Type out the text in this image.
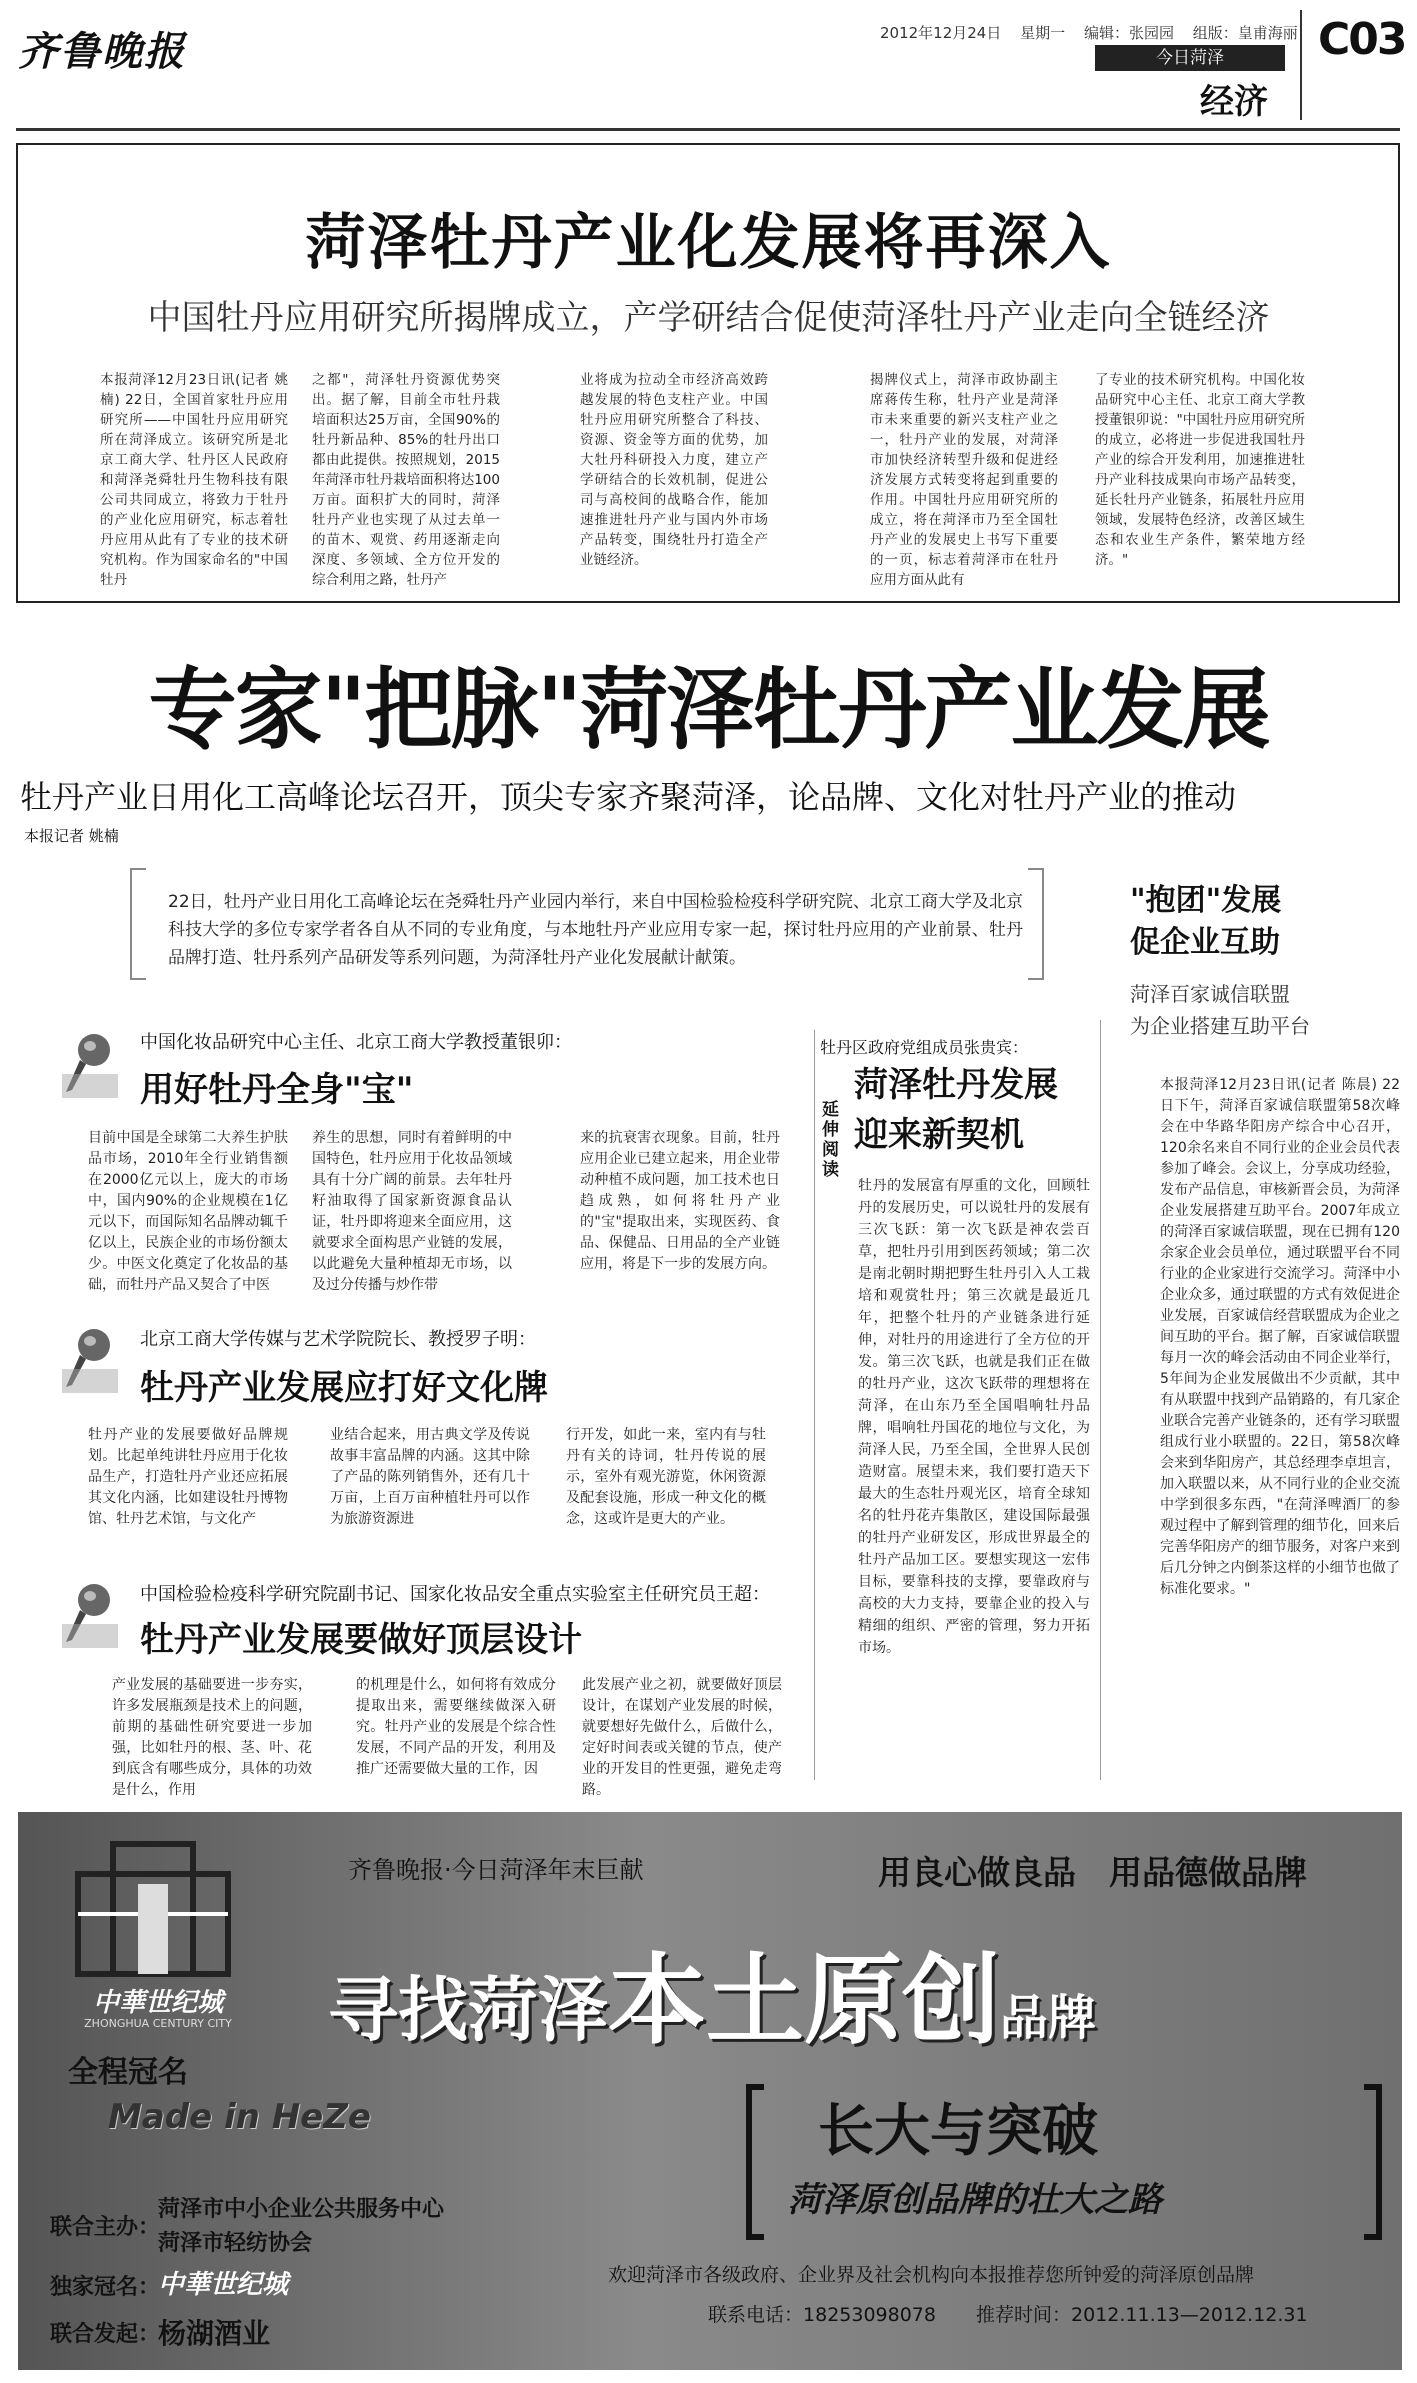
齐鲁晚报	2012年12月24日 星期一 编辑：张园园 组版：皇甫海丽
今日菏泽
经济
C03
菏泽牡丹产业化发展将再深入
中国牡丹应用研究所揭牌成立，产学研结合促使菏泽牡丹产业走向全链经济
本报菏泽12月23日讯(记者 姚楠) 22日，全国首家牡丹应用研究所——中国牡丹应用研究所在菏泽成立。该研究所是北京工商大学、牡丹区人民政府和菏泽尧舜牡丹生物科技有限公司共同成立，将致力于牡丹的产业化应用研究，标志着牡丹应用从此有了专业的技术研究机构。作为国家命名的"中国牡丹
之都"，菏泽牡丹资源优势突出。据了解，目前全市牡丹栽培面积达25万亩，全国90%的牡丹新品种、85%的牡丹出口都由此提供。按照规划，2015年菏泽市牡丹栽培面积将达100万亩。面积扩大的同时，菏泽牡丹产业也实现了从过去单一的苗木、观赏、药用逐渐走向深度、多领域、全方位开发的综合利用之路，牡丹产
业将成为拉动全市经济高效跨越发展的特色支柱产业。中国牡丹应用研究所整合了科技、资源、资金等方面的优势，加大牡丹科研投入力度，建立产学研结合的长效机制，促进公司与高校间的战略合作，能加速推进牡丹产业与国内外市场产品转变，围绕牡丹打造全产业链经济。
揭牌仪式上，菏泽市政协副主席蒋传生称，牡丹产业是菏泽市未来重要的新兴支柱产业之一，牡丹产业的发展，对菏泽市加快经济转型升级和促进经济发展方式转变将起到重要的作用。中国牡丹应用研究所的成立，将在菏泽市乃至全国牡丹产业的发展史上书写下重要的一页，标志着菏泽市在牡丹应用方面从此有
了专业的技术研究机构。中国化妆品研究中心主任、北京工商大学教授董银卯说："中国牡丹应用研究所的成立，必将进一步促进我国牡丹产业的综合开发利用，加速推进牡丹产业科技成果向市场产品转变，延长牡丹产业链条，拓展牡丹应用领域，发展特色经济，改善区域生态和农业生产条件，繁荣地方经济。"
专家"把脉"菏泽牡丹产业发展
牡丹产业日用化工高峰论坛召开，顶尖专家齐聚菏泽，论品牌、文化对牡丹产业的推动
本报记者 姚楠
22日，牡丹产业日用化工高峰论坛在尧舜牡丹产业园内举行，来自中国检验检疫科学研究院、北京工商大学及北京科技大学的多位专家学者各自从不同的专业角度，与本地牡丹产业应用专家一起，探讨牡丹应用的产业前景、牡丹品牌打造、牡丹系列产品研发等系列问题，为菏泽牡丹产业化发展献计献策。
中国化妆品研究中心主任、北京工商大学教授董银卯：
用好牡丹全身"宝"
目前中国是全球第二大养生护肤品市场，2010年全行业销售额在2000亿元以上，庞大的市场中，国内90%的企业规模在1亿元以下，而国际知名品牌动辄千亿以上，民族企业的市场份额太少。中医文化奠定了化妆品的基础，而牡丹产品又契合了中医
养生的思想，同时有着鲜明的中国特色，牡丹应用于化妆品领域具有十分广阔的前景。去年牡丹籽油取得了国家新资源食品认证，牡丹即将迎来全面应用，这就要求全面构思产业链的发展，以此避免大量种植却无市场，以及过分传播与炒作带
来的抗衰害衣现象。目前，牡丹应用企业已建立起来，用企业带动种植不成问题，加工技术也日趋成熟，如何将牡丹产业的"宝"提取出来，实现医药、食品、保健品、日用品的全产业链应用，将是下一步的发展方向。
北京工商大学传媒与艺术学院院长、教授罗子明：
牡丹产业发展应打好文化牌
牡丹产业的发展要做好品牌规划。比起单纯讲牡丹应用于化妆品生产，打造牡丹产业还应拓展其文化内涵，比如建设牡丹博物馆、牡丹艺术馆，与文化产
业结合起来，用古典文学及传说故事丰富品牌的内涵。这其中除了产品的陈列销售外，还有几十万亩，上百万亩种植牡丹可以作为旅游资源进
行开发，如此一来，室内有与牡丹有关的诗词，牡丹传说的展示，室外有观光游览，休闲资源及配套设施，形成一种文化的概念，这或许是更大的产业。
中国检验检疫科学研究院副书记、国家化妆品安全重点实验室主任研究员王超：
牡丹产业发展要做好顶层设计
产业发展的基础要进一步夯实，许多发展瓶颈是技术上的问题，前期的基础性研究要进一步加强，比如牡丹的根、茎、叶、花到底含有哪些成分，具体的功效是什么，作用
的机理是什么，如何将有效成分提取出来，需要继续做深入研究。牡丹产业的发展是个综合性发展，不同产品的开发，利用及推广还需要做大量的工作，因
此发展产业之初，就要做好顶层设计，在谋划产业发展的时候，就要想好先做什么，后做什么，定好时间表或关键的节点，使产业的开发目的性更强，避免走弯路。
牡丹区政府党组成员张贵宾：
延伸阅读
菏泽牡丹发展迎来新契机
牡丹的发展富有厚重的文化，回顾牡丹的发展历史，可以说牡丹的发展有三次飞跃：第一次飞跃是神农尝百草，把牡丹引用到医药领域；第二次是南北朝时期把野生牡丹引入人工栽培和观赏牡丹；第三次就是最近几年，把整个牡丹的产业链条进行延伸，对牡丹的用途进行了全方位的开发。第三次飞跃，也就是我们正在做的牡丹产业，这次飞跃带的理想将在菏泽，在山东乃至全国唱响牡丹品牌，唱响牡丹国花的地位与文化，为菏泽人民，乃至全国，全世界人民创造财富。展望未来，我们要打造天下最大的生态牡丹观光区，培育全球知名的牡丹花卉集散区，建设国际最强的牡丹产业研发区，形成世界最全的牡丹产品加工区。要想实现这一宏伟目标，要靠科技的支撑，要靠政府与高校的大力支持，要靠企业的投入与精细的组织、严密的管理，努力开拓市场。
"抱团"发展
促企业互助
菏泽百家诚信联盟
为企业搭建互助平台
本报菏泽12月23日讯(记者 陈晨) 22日下午，菏泽百家诚信联盟第58次峰会在中华路华阳房产综合中心召开，120余名来自不同行业的企业会员代表参加了峰会。会议上，分享成功经验，发布产品信息，审核新晋会员，为菏泽企业发展搭建互助平台。2007年成立的菏泽百家诚信联盟，现在已拥有120余家企业会员单位，通过联盟平台不同行业的企业家进行交流学习。菏泽中小企业众多，通过联盟的方式有效促进企业发展，百家诚信经营联盟成为企业之间互助的平台。据了解，百家诚信联盟每月一次的峰会活动由不同企业举行，5年间为企业发展做出不少贡献，其中有从联盟中找到产品销路的，有几家企业联合完善产业链条的，还有学习联盟组成行业小联盟的。22日，第58次峰会来到华阳房产，其总经理李卓坦言，加入联盟以来，从不同行业的企业交流中学到很多东西，"在菏泽啤酒厂的参观过程中了解到管理的细节化，回来后完善华阳房产的细节服务，对客户来到后几分钟之内倒茶这样的小细节也做了标准化要求。"
中華世纪城
ZHONGHUA CENTURY CITY
全程冠名
Made in HeZe
齐鲁晚报·今日菏泽年末巨献	用良心做良品　用品德做品牌
寻找菏泽本土原创品牌
长大与突破
菏泽原创品牌的壮大之路
联合主办：
菏泽市中小企业公共服务中心
菏泽市轻纺协会
独家冠名：
中華世纪城
联合发起：
杨湖酒业
欢迎菏泽市各级政府、企业界及社会机构向本报推荐您所钟爱的菏泽原创品牌
联系电话：18253098078 推荐时间：2012.11.13—2012.12.31
